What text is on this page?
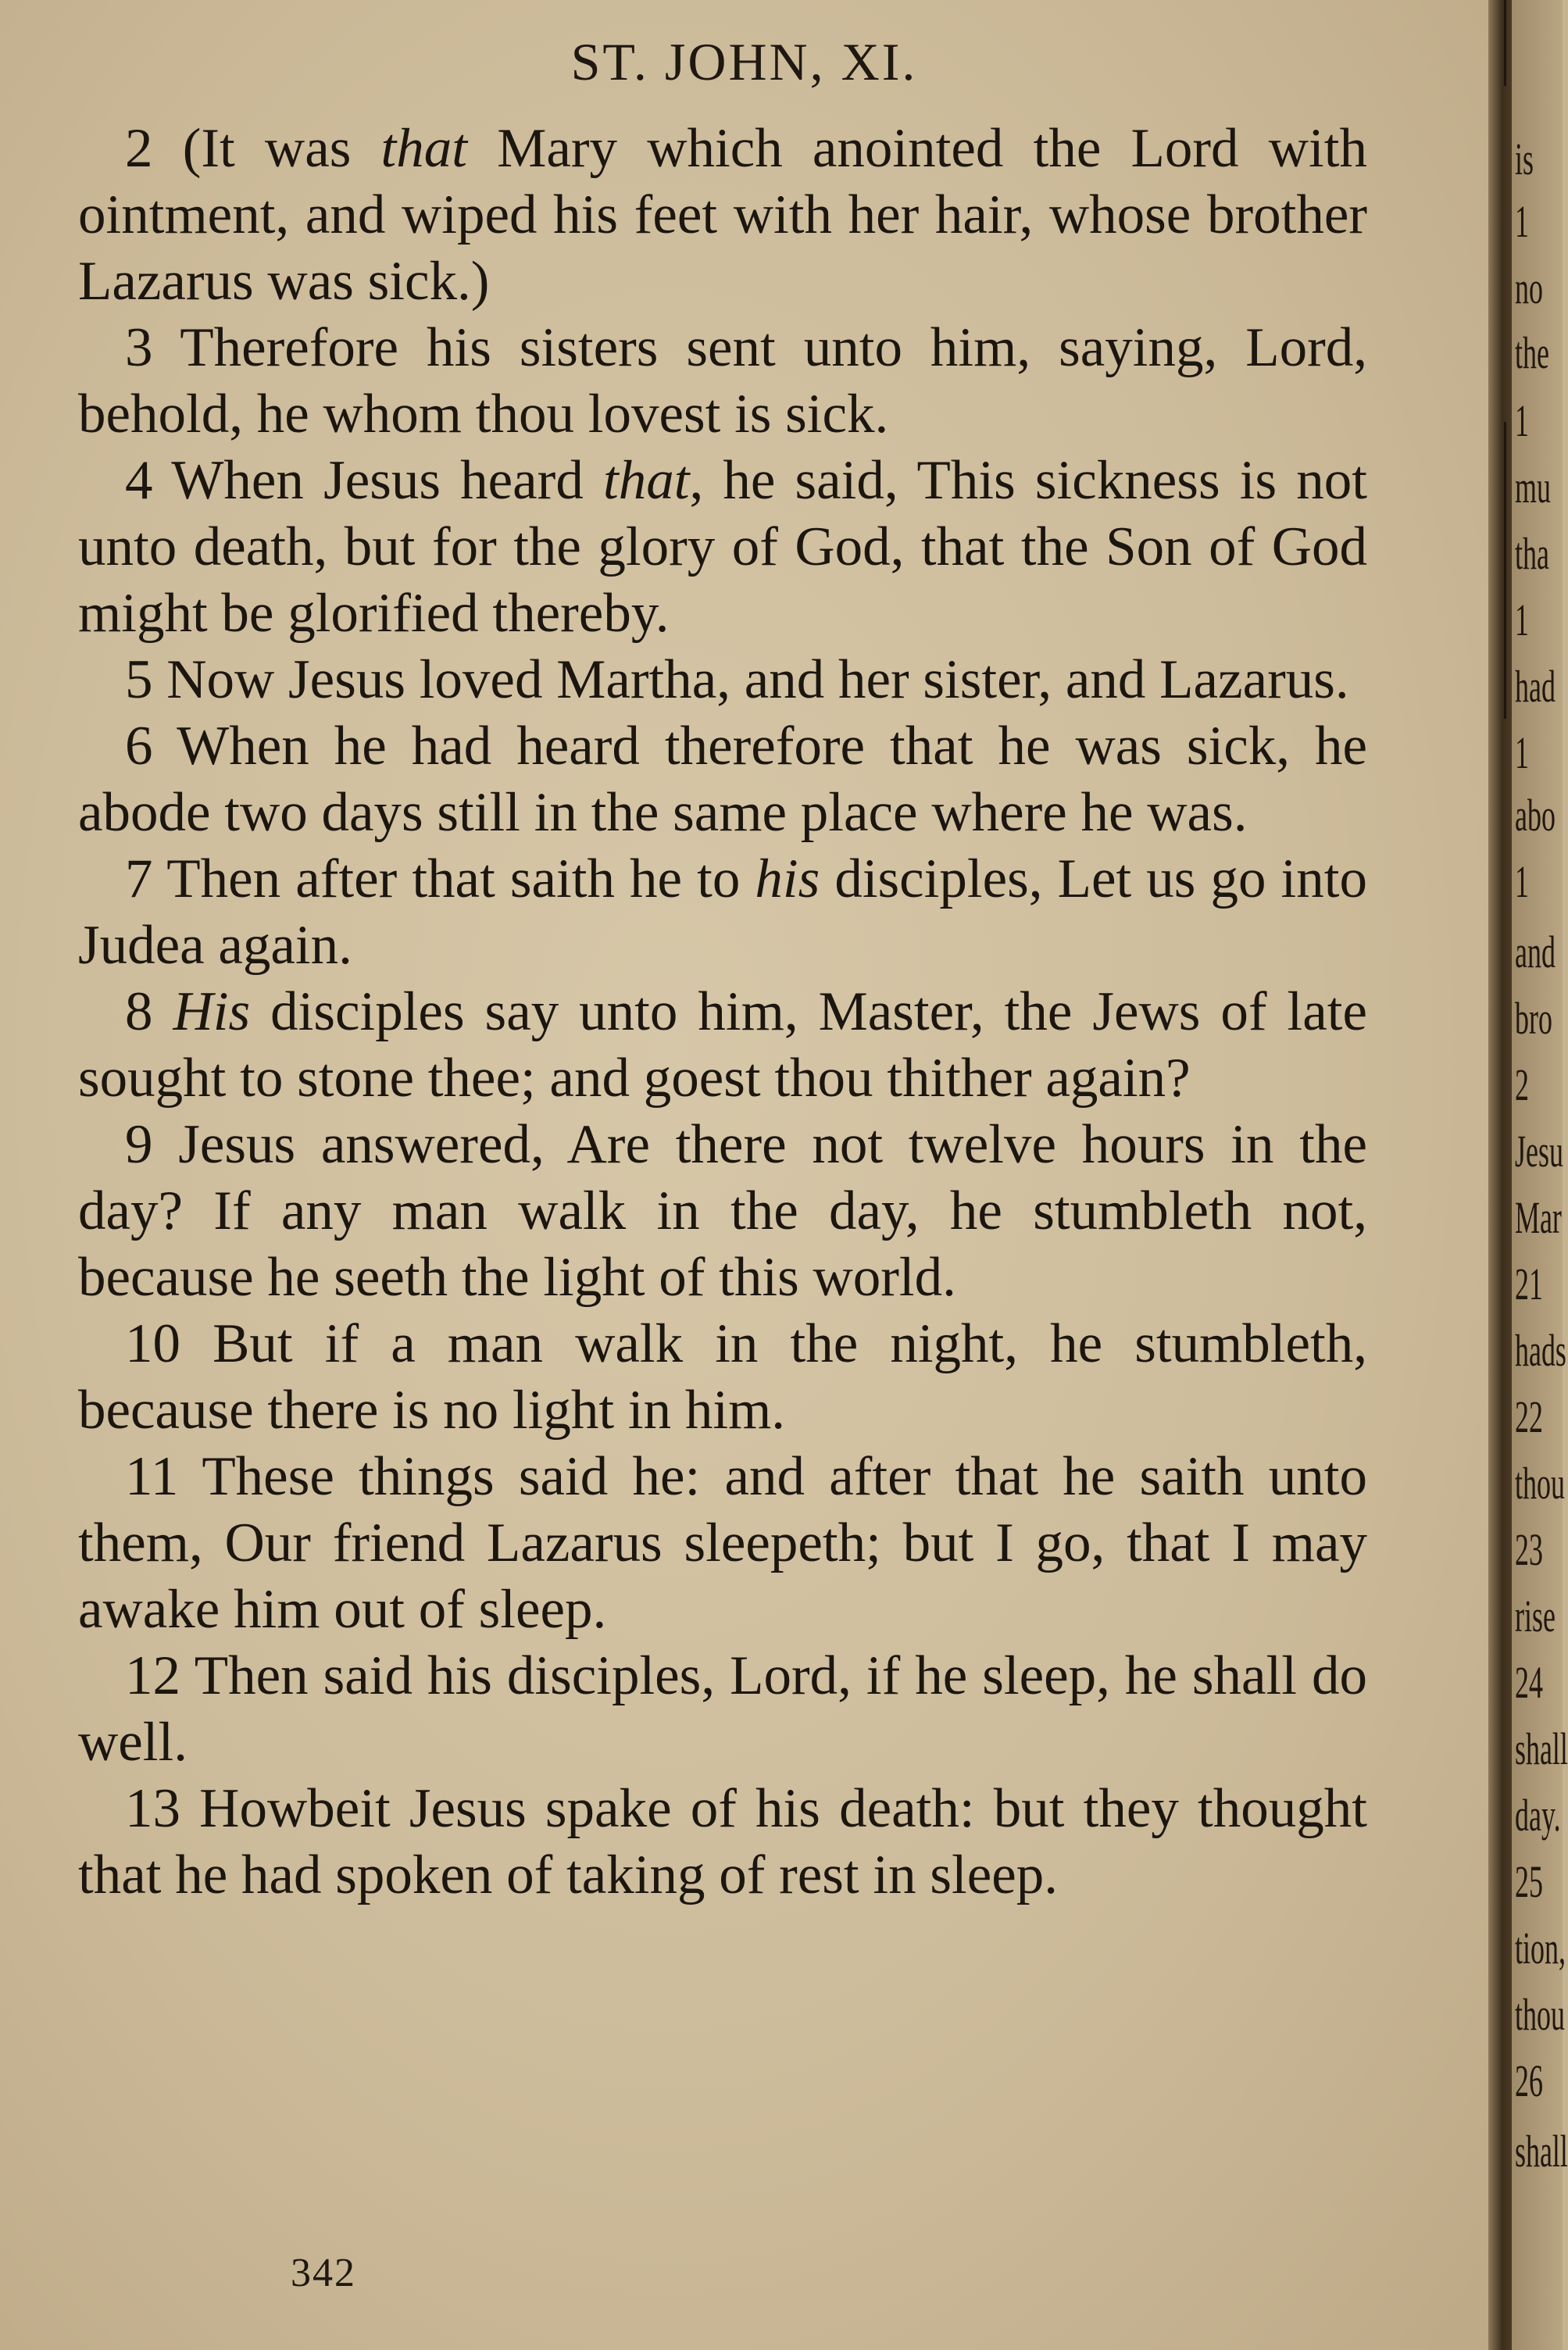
ST. JOHN, XI.

2 (It was that Mary which anointed the Lord with ointment, and wiped his feet with her hair, whose brother Lazarus was sick.)

3 Therefore his sisters sent unto him, saying, Lord, behold, he whom thou lovest is sick.

4 When Jesus heard that, he said, This sickness is not unto death, but for the glory of God, that the Son of God might be glorified thereby.

5 Now Jesus loved Martha, and her sister, and Lazarus.

6 When he had heard therefore that he was sick, he abode two days still in the same place where he was.

7 Then after that saith he to his disciples, Let us go into Judea again.

8 His disciples say unto him, Master, the Jews of late sought to stone thee; and goest thou thither again?

9 Jesus answered, Are there not twelve hours in the day? If any man walk in the day, he stumbleth not, because he seeth the light of this world.

10 But if a man walk in the night, he stumbleth, because there is no light in him.

11 These things said he: and after that he saith unto them, Our friend Lazarus sleepeth; but I go, that I may awake him out of sleep.

12 Then said his disciples, Lord, if he sleep, he shall do well.

13 Howbeit Jesus spake of his death: but they thought that he had spoken of taking of rest in sleep.

342
is
1
no
the
1
mu
tha
1
had
1
abo
1
and
bro
2
Jesu
Mar
21
hads
22
thou
23
rise
24
shall
day.
25
tion,
thou
26
shall
